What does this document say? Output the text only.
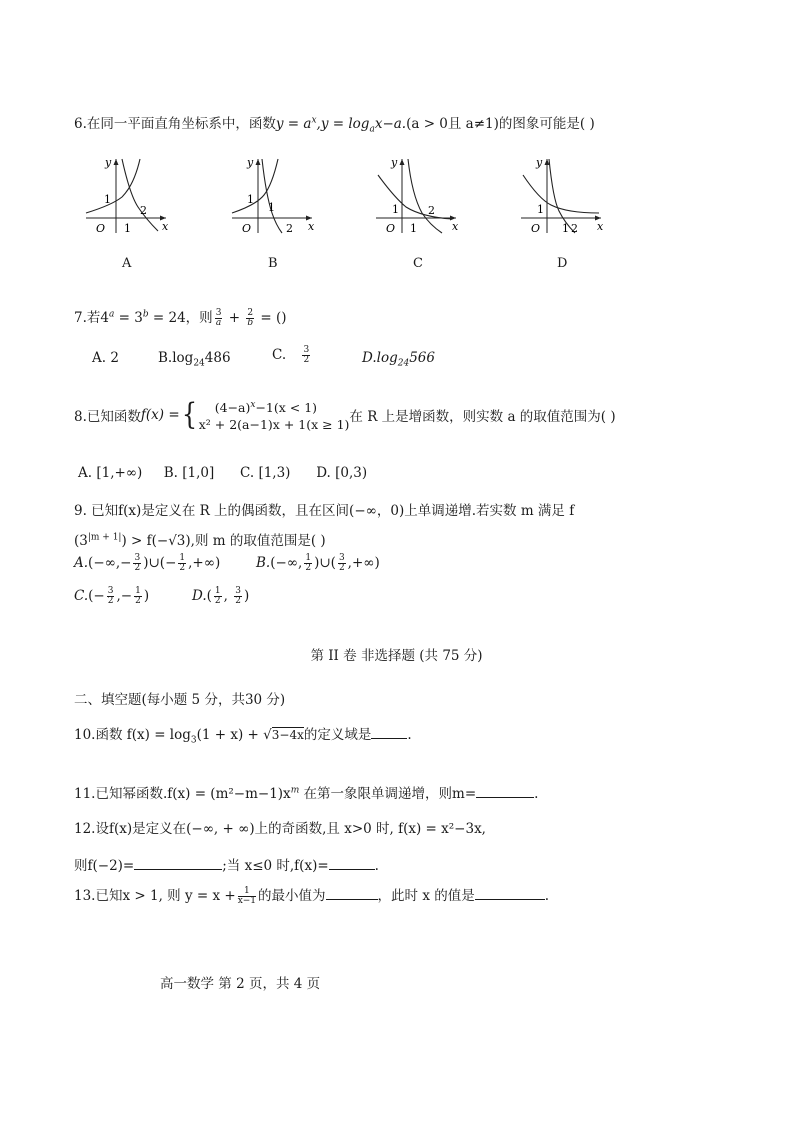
6.在同一平面直角坐标系中，函数$y = a^x,y = \log_ax-a.(a > 0$且 a≠1)的图象可能是( )
y
x
O
1
1
2
A
y
x
O
1
1
2
B
y
x
O
1
1
2
C
y
x
O
1
1 2
D
7.若$4^a = 3^b = 24$，则 $\frac{3}{a} + \frac{2}{b}$ = ()
A. 2	$B.\log_{24}486$	C. $\frac{3}{2}$	$D.\log_{24}566$
8.已知函数f(x) ={	$(4-a)^x-1(x < 1)$
x² + 2(a−1)x + 1(x ≥ 1) 在 R 上是增函数，则实数 a 的取值范围为( )
A. [1,+∞)     B. [1,0]      C. [1,3)      D. [0,3)
9. 已知f(x)是定义在 R 上的偶函数，且在区间(−∞，0)上单调递增.若实数 m 满足 f
$(3^{|m + 1|}) > f(-√3)$,则 m 的取值范围是( )
$A.(-\infty,- \frac{3}{2}$ )∪(− $\frac{1}{2}$ ,+∞)	B.(−∞, $\frac{1}{2}$ )∪( $\frac{3}{2}$ ,+∞)
$C.(- \frac{3}{2}$ ,− $\frac{1}{2}$ )	$D.( \frac{1}{2}$ , $\frac{3}{2}$ )
第 II 卷 非选择题 (共 75 分)
二、填空题(每小题 5 分，共30 分)
10.函数 $f(x) = \log_3(1 + x) + √3-4x$的定义域是	.
11.已知幂函数$.f(x) = (m^2-m-1)x^m$ 在第一象限单调递增，则m=	.
12.设f(x)是定义在(−∞, + ∞)上的奇函数,且 x>0 时, f(x) = x²−3x,
则f(−2)=	;当 x≤0 时,f(x)=	.
13.已知x > 1, 则 $y = x + \frac{1}{x-1}$ 的最小值为	，此时 x 的值是	.
高一数学 第 2 页，共 4 页
